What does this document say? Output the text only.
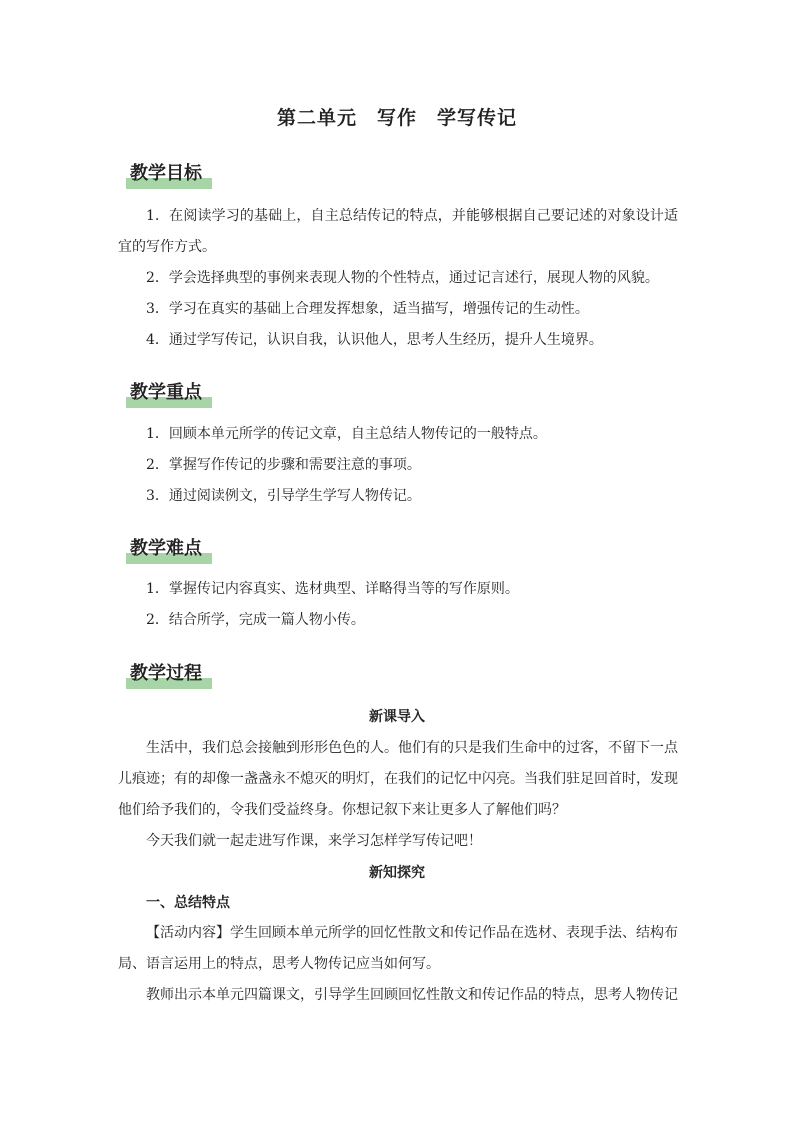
第二单元　写作　学写传记
教学目标
1．在阅读学习的基础上，自主总结传记的特点，并能够根据自己要记述的对象设计适宜的写作方式。
2．学会选择典型的事例来表现人物的个性特点，通过记言述行，展现人物的风貌。
3．学习在真实的基础上合理发挥想象，适当描写，增强传记的生动性。
4．通过学写传记，认识自我，认识他人，思考人生经历，提升人生境界。
教学重点
1．回顾本单元所学的传记文章，自主总结人物传记的一般特点。
2．掌握写作传记的步骤和需要注意的事项。
3．通过阅读例文，引导学生学写人物传记。
教学难点
1．掌握传记内容真实、选材典型、详略得当等的写作原则。
2．结合所学，完成一篇人物小传。
教学过程
新课导入
生活中，我们总会接触到形形色色的人。他们有的只是我们生命中的过客，不留下一点儿痕迹；有的却像一盏盏永不熄灭的明灯，在我们的记忆中闪亮。当我们驻足回首时，发现他们给予我们的，令我们受益终身。你想记叙下来让更多人了解他们吗？
今天我们就一起走进写作课，来学习怎样学写传记吧！
新知探究
一、总结特点
【活动内容】学生回顾本单元所学的回忆性散文和传记作品在选材、表现手法、结构布局、语言运用上的特点，思考人物传记应当如何写。
教师出示本单元四篇课文，引导学生回顾回忆性散文和传记作品的特点，思考人物传记
